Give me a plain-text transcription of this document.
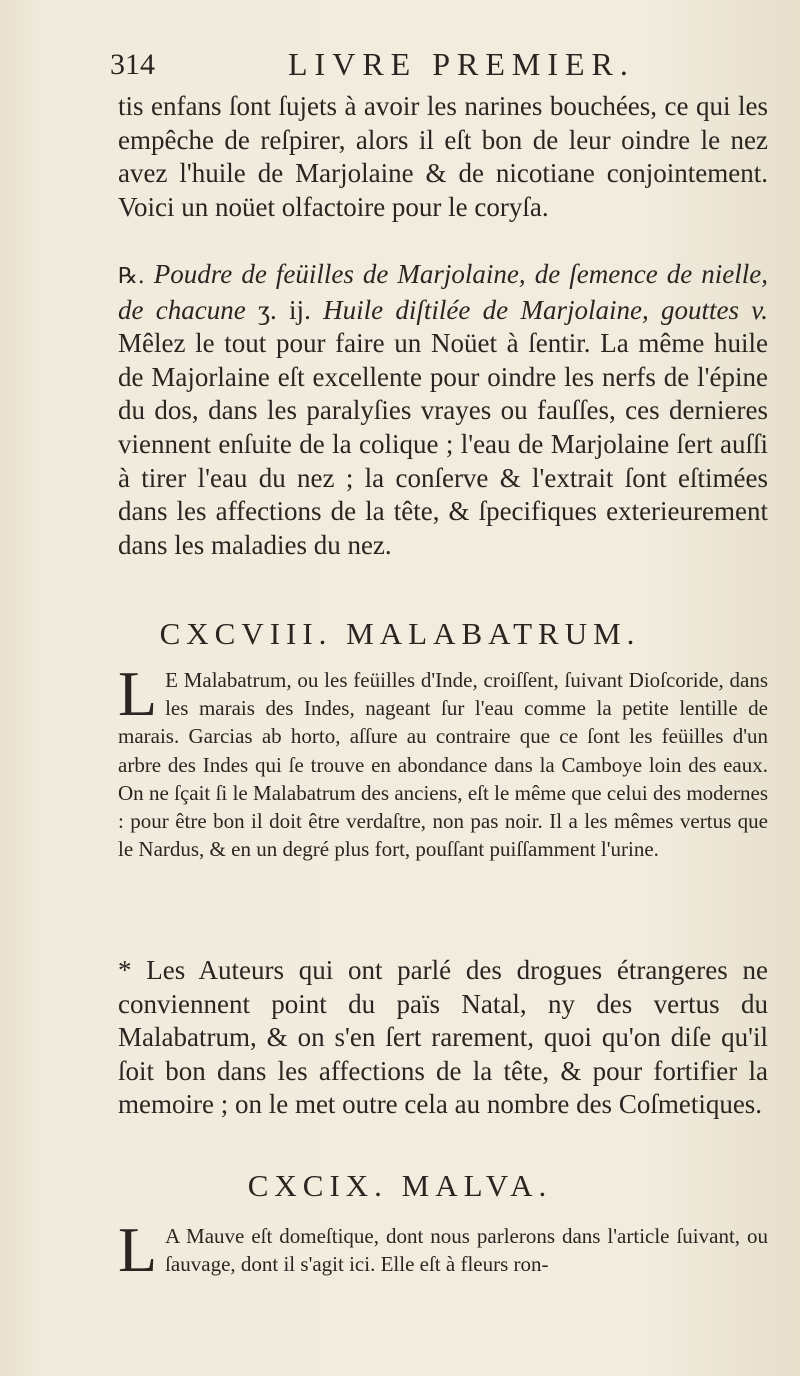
314	LIVRE PREMIER.

tis enfans ſont ſujets à avoir les narines bouchées, ce qui les empêche de reſpirer, alors il eſt bon de leur oindre le nez avez l'huile de Marjolaine & de nicotiane conjointement. Voici un noüet olfactoire pour le coryſa.

℞. Poudre de feüilles de Marjolaine, de ſemence de nielle, de chacune ʒ. ij. Huile diſtilée de Marjolaine, gouttes v. Mêlez le tout pour faire un Noüet à ſentir. La même huile de Majorlaine eſt excellente pour oindre les nerfs de l'épine du dos, dans les paralyſies vrayes ou fauſſes, ces dernieres viennent enſuite de la colique ; l'eau de Marjolaine ſert auſſi à tirer l'eau du nez ; la conſerve & l'extrait ſont eſtimées dans les affections de la tête, & ſpecifiques exterieurement dans les maladies du nez.

CXCVIII. MALABATRUM.

L E Malabatrum, ou les feüilles d'Inde, croiſſent, ſuivant Dioſcoride, dans les marais des Indes, nageant ſur l'eau comme la petite lentille de marais. Garcias ab horto, aſſure au contraire que ce ſont les feüilles d'un arbre des Indes qui ſe trouve en abondance dans la Camboye loin des eaux. On ne ſçait ſi le Malabatrum des anciens, eſt le même que celui des modernes : pour être bon il doit être verdaſtre, non pas noir. Il a les mêmes vertus que le Nardus, & en un degré plus fort, pouſſant puiſſamment l'urine.

* Les Auteurs qui ont parlé des drogues étrangeres ne conviennent point du païs Natal, ny des vertus du Malabatrum, & on s'en ſert rarement, quoi qu'on diſe qu'il ſoit bon dans les affections de la tête, & pour fortifier la memoire ; on le met outre cela au nombre des Coſmetiques.

CXCIX. MALVA.

L A Mauve eſt domeſtique, dont nous parlerons dans l'article ſuivant, ou ſauvage, dont il s'agit ici. Elle eſt à fleurs ron-
